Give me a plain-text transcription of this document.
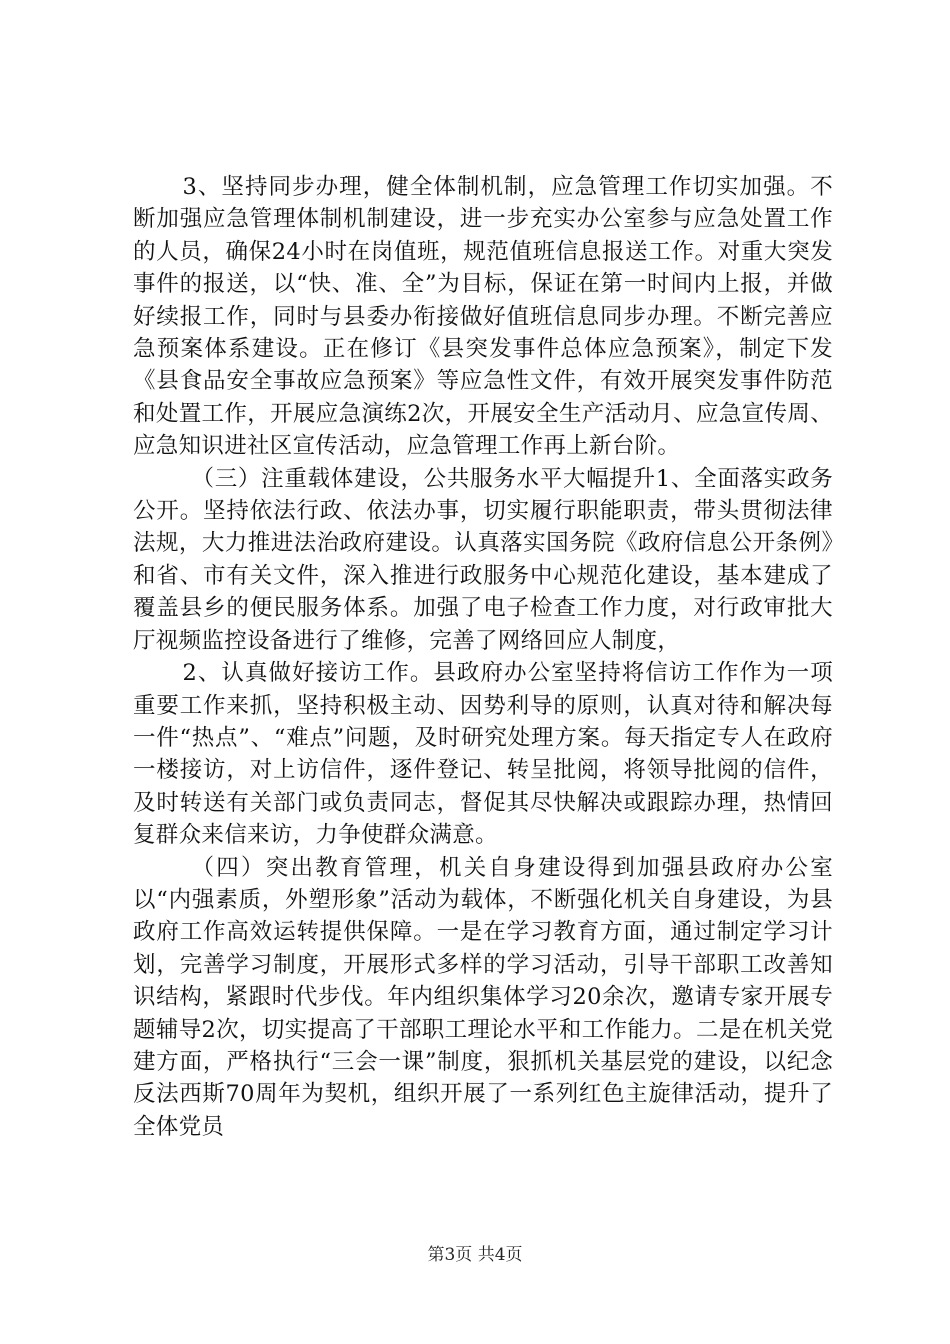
3、坚持同步办理，健全体制机制，应急管理工作切实加强。不断加强应急管理体制机制建设，进一步充实办公室参与应急处置工作的人员，确保24小时在岗值班，规范值班信息报送工作。对重大突发事件的报送，以“快、准、全”为目标，保证在第一时间内上报，并做好续报工作，同时与县委办衔接做好值班信息同步办理。不断完善应急预案体系建设。正在修订《县突发事件总体应急预案》，制定下发《县食品安全事故应急预案》等应急性文件，有效开展突发事件防范和处置工作，开展应急演练2次，开展安全生产活动月、应急宣传周、应急知识进社区宣传活动，应急管理工作再上新台阶。

（三）注重载体建设，公共服务水平大幅提升1、全面落实政务公开。坚持依法行政、依法办事，切实履行职能职责，带头贯彻法律法规，大力推进法治政府建设。认真落实国务院《政府信息公开条例》和省、市有关文件，深入推进行政服务中心规范化建设，基本建成了覆盖县乡的便民服务体系。加强了电子检查工作力度，对行政审批大厅视频监控设备进行了维修，完善了网络回应人制度，

2、认真做好接访工作。县政府办公室坚持将信访工作作为一项重要工作来抓，坚持积极主动、因势利导的原则，认真对待和解决每一件“热点”、“难点”问题，及时研究处理方案。每天指定专人在政府一楼接访，对上访信件，逐件登记、转呈批阅，将领导批阅的信件，及时转送有关部门或负责同志，督促其尽快解决或跟踪办理，热情回复群众来信来访，力争使群众满意。

（四）突出教育管理，机关自身建设得到加强县政府办公室以“内强素质，外塑形象”活动为载体，不断强化机关自身建设，为县政府工作高效运转提供保障。一是在学习教育方面，通过制定学习计划，完善学习制度，开展形式多样的学习活动，引导干部职工改善知识结构，紧跟时代步伐。年内组织集体学习20余次，邀请专家开展专题辅导2次，切实提高了干部职工理论水平和工作能力。二是在机关党建方面，严格执行“三会一课”制度，狠抓机关基层党的建设，以纪念反法西斯70周年为契机，组织开展了一系列红色主旋律活动，提升了全体党员

第3页 共4页
